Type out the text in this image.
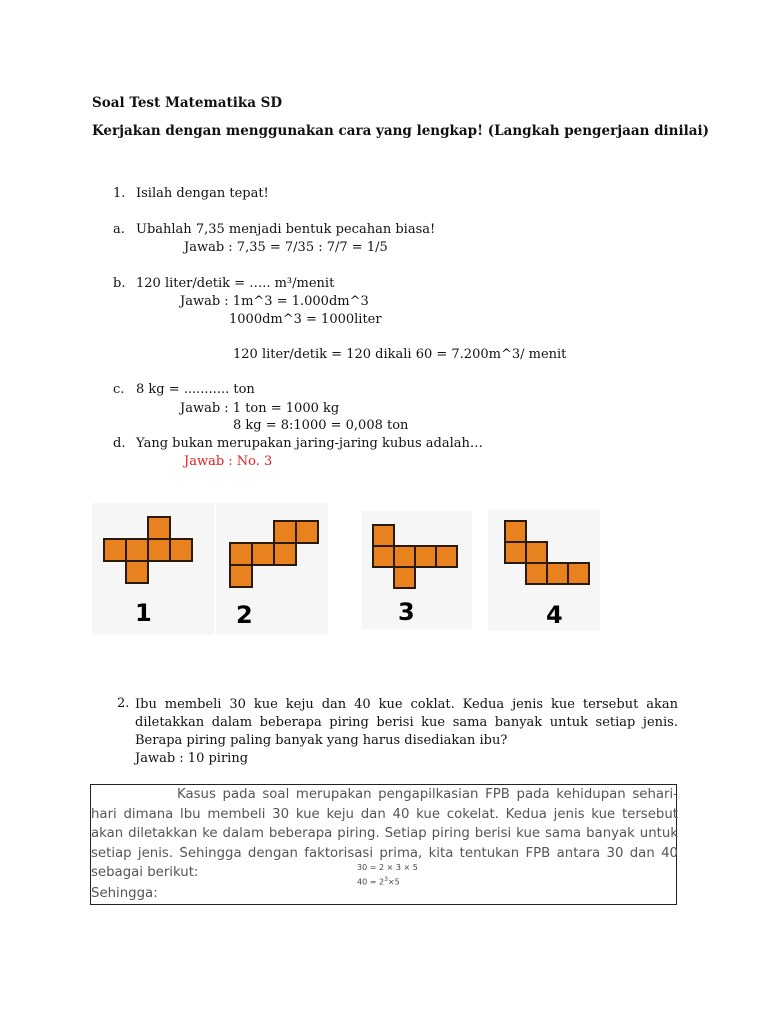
Soal Test Matematika SD
Kerjakan dengan menggunakan cara yang lengkap! (Langkah pengerjaan dinilai)
1. Isilah dengan tepat!
a. Ubahlah 7,35 menjadi bentuk pecahan biasa!
Jawab : 7,35 = 7/35 : 7/7 = 1/5
b. 120 liter/detik = ….. m³/menit
Jawab : 1m^3 = 1.000dm^3
1000dm^3 = 1000liter
120 liter/detik = 120 dikali 60 = 7.200m^3/ menit
c. 8 kg = ........... ton
Jawab : 1 ton = 1000 kg
8 kg = 8:1000 = 0,008 ton
d. Yang bukan merupakan jaring-jaring kubus adalah…
Jawab : No. 3
1	2	3	4
2. Ibu membeli 30 kue keju dan 40 kue coklat. Kedua jenis kue tersebut akan diletakkan dalam beberapa piring berisi kue sama banyak untuk setiap jenis. Berapa piring paling banyak yang harus disediakan ibu?
Jawab : 10 piring
Kasus pada soal merupakan pengapilkasian FPB pada kehidupan sehari-hari dimana lbu membeli 30 kue keju dan 40 kue cokelat. Kedua jenis kue tersebut akan diletakkan ke dalam beberapa piring. Setiap piring berisi kue sama banyak untuk setiap jenis. Sehingga dengan faktorisasi prima, kita tentukan FPB antara 30 dan 40 sebagai berikut:	30 = 2 × 3 × 5
$40 = 2^3\times 5$
Sehingga:
